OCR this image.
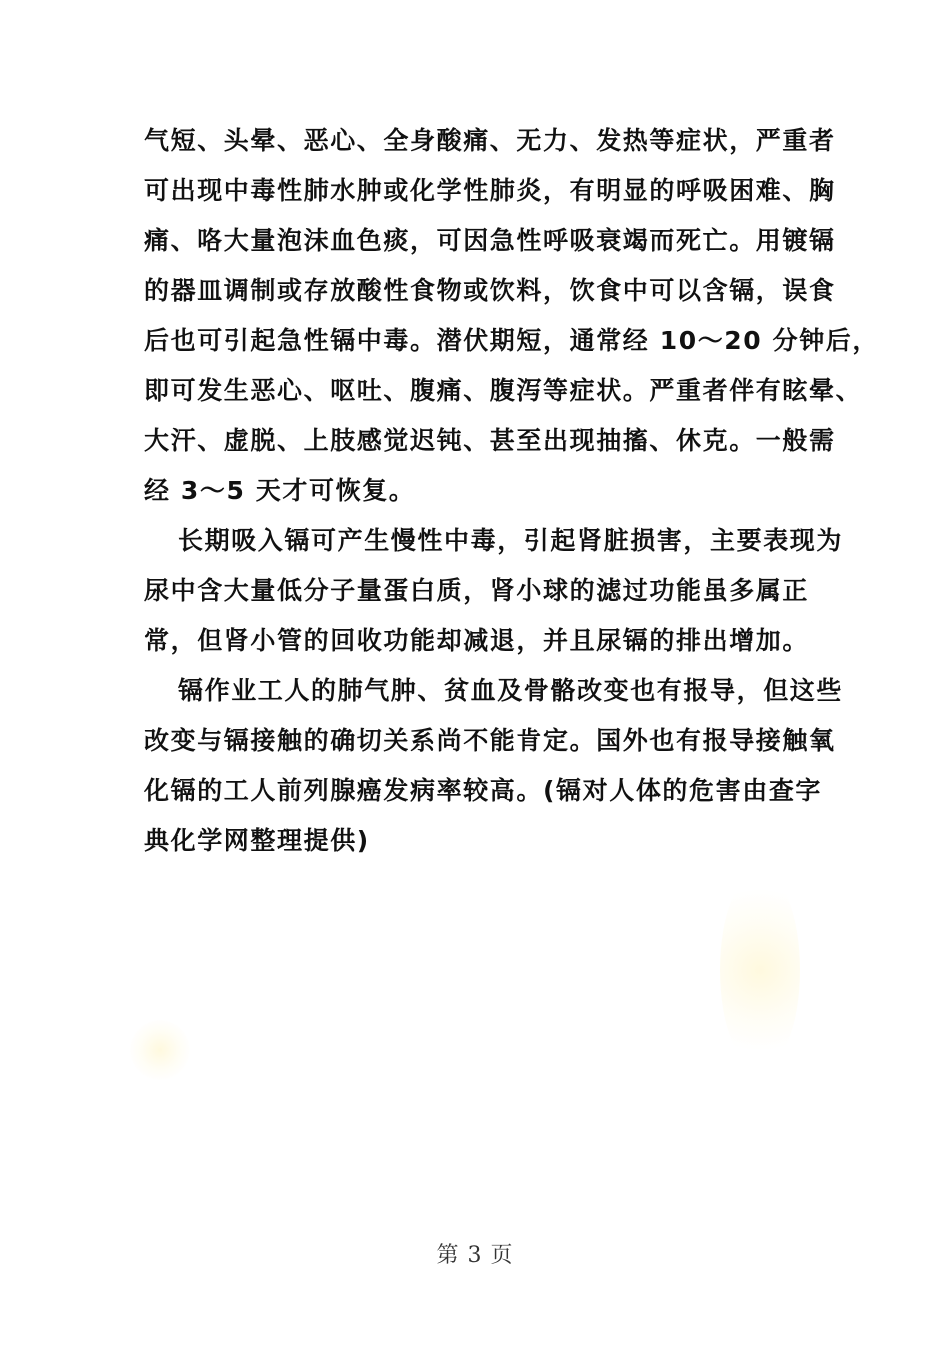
气短、头晕、恶心、全身酸痛、无力、发热等症状，严重者
可出现中毒性肺水肿或化学性肺炎，有明显的呼吸困难、胸
痛、咯大量泡沫血色痰，可因急性呼吸衰竭而死亡。用镀镉
的器皿调制或存放酸性食物或饮料，饮食中可以含镉，误食
后也可引起急性镉中毒。潜伏期短，通常经 10～20 分钟后，
即可发生恶心、呕吐、腹痛、腹泻等症状。严重者伴有眩晕、
大汗、虚脱、上肢感觉迟钝、甚至出现抽搐、休克。一般需
经 3～5 天才可恢复。
长期吸入镉可产生慢性中毒，引起肾脏损害，主要表现为
尿中含大量低分子量蛋白质，肾小球的滤过功能虽多属正
常，但肾小管的回收功能却减退，并且尿镉的排出增加。
镉作业工人的肺气肿、贫血及骨骼改变也有报导，但这些
改变与镉接触的确切关系尚不能肯定。国外也有报导接触氧
化镉的工人前列腺癌发病率较高。(镉对人体的危害由查字
典化学网整理提供)
第 3 页
